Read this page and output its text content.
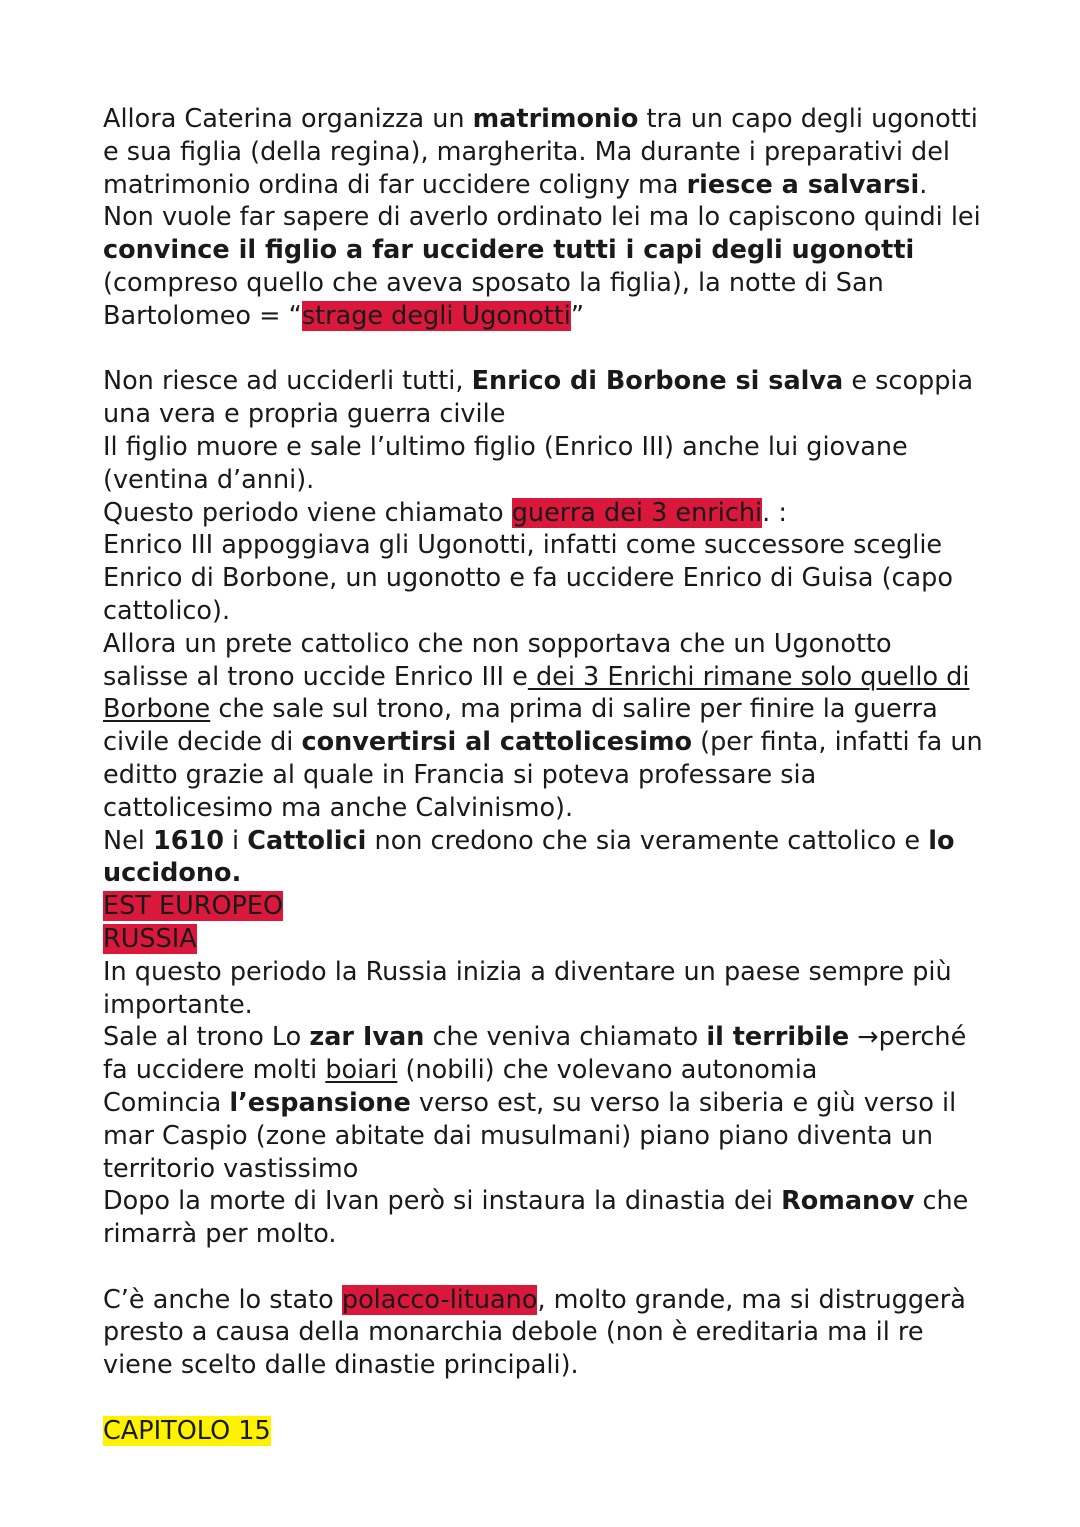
Allora Caterina organizza un matrimonio tra un capo degli ugonotti e sua figlia (della regina), margherita. Ma durante i preparativi del matrimonio ordina di far uccidere coligny ma riesce a salvarsi. Non vuole far sapere di averlo ordinato lei ma lo capiscono quindi lei convince il figlio a far uccidere tutti i capi degli ugonotti (compreso quello che aveva sposato la figlia), la notte di San Bartolomeo = “strage degli Ugonotti”

Non riesce ad ucciderli tutti, Enrico di Borbone si salva e scoppia una vera e propria guerra civile

Il figlio muore e sale l’ultimo figlio (Enrico III) anche lui giovane (ventina d’anni).

Questo periodo viene chiamato guerra dei 3 enrichi. :

Enrico III appoggiava gli Ugonotti, infatti come successore sceglie Enrico di Borbone, un ugonotto e fa uccidere Enrico di Guisa (capo cattolico).

Allora un prete cattolico che non sopportava che un Ugonotto salisse al trono uccide Enrico III e dei 3 Enrichi rimane solo quello di Borbone che sale sul trono, ma prima di salire per finire la guerra civile decide di convertirsi al cattolicesimo (per finta, infatti fa un editto grazie al quale in Francia si poteva professare sia cattolicesimo ma anche Calvinismo).

Nel 1610 i Cattolici non credono che sia veramente cattolico e lo uccidono.

EST EUROPEO

RUSSIA

In questo periodo la Russia inizia a diventare un paese sempre più importante.

Sale al trono Lo zar Ivan che veniva chiamato il terribile →perché fa uccidere molti boiari (nobili) che volevano autonomia

Comincia l’espansione verso est, su verso la siberia e giù verso il mar Caspio (zone abitate dai musulmani) piano piano diventa un territorio vastissimo

Dopo la morte di Ivan però si instaura la dinastia dei Romanov che rimarrà per molto.

C’è anche lo stato polacco-lituano, molto grande, ma si distruggerà presto a causa della monarchia debole (non è ereditaria ma il re viene scelto dalle dinastie principali).

CAPITOLO 15
